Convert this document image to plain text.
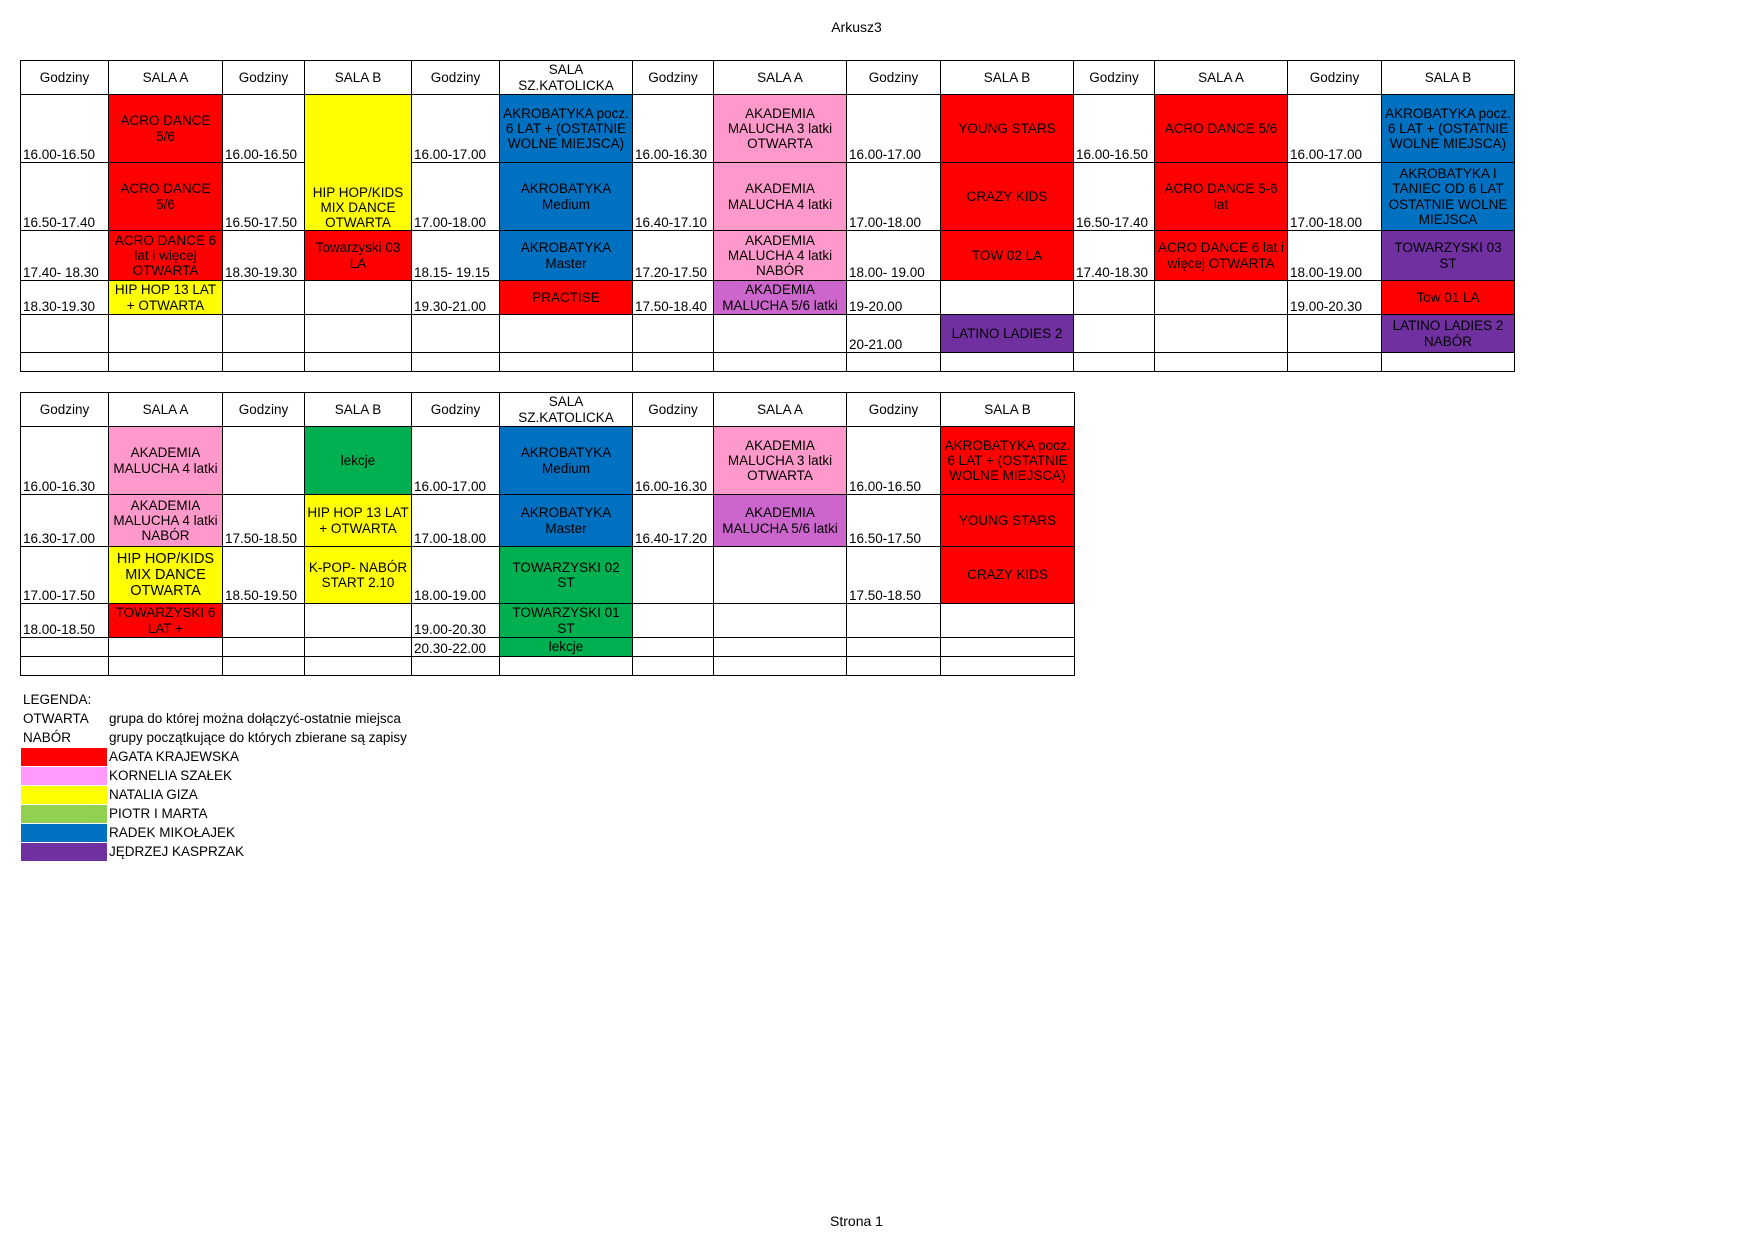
Arkusz3
Godziny	SALA A	Godziny	SALA B	Godziny	SALA SZ.KATOLICKA	Godziny	SALA A	Godziny	SALA B	Godziny	SALA A	Godziny	SALA B
16.00-16.50	ACRO DANCE 5/6	16.00-16.50	HIP HOP/KIDS MIX DANCE OTWARTA	16.00-17.00	AKROBATYKA pocz. 6 LAT + (OSTATNIE WOLNE MIEJSCA)	16.00-16.30	AKADEMIA MALUCHA 3 latki OTWARTA	16.00-17.00	YOUNG STARS	16.00-16.50	ACRO DANCE 5/6	16.00-17.00	AKROBATYKA pocz. 6 LAT + (OSTATNIE WOLNE MIEJSCA)
16.50-17.40	ACRO DANCE 5/6	16.50-17.50		17.00-18.00	AKROBATYKA Medium	16.40-17.10	AKADEMIA MALUCHA 4 latki	17.00-18.00	CRAZY KIDS	16.50-17.40	ACRO DANCE 5-6 lat	17.00-18.00	AKROBATYKA I TANIEC OD 6 LAT OSTATNIE WOLNE MIEJSCA
17.40- 18.30	ACRO DANCE 6 lat i więcej OTWARTA	18.30-19.30	Towarzyski 03 LA	18.15- 19.15	AKROBATYKA Master	17.20-17.50	AKADEMIA MALUCHA 4 latki NABÓR	18.00- 19.00	TOW 02 LA	17.40-18.30	ACRO DANCE 6 lat i więcej OTWARTA	18.00-19.00	TOWARZYSKI 03 ST
18.30-19.30	HIP HOP 13 LAT + OTWARTA			19.30-21.00	PRACTISE	17.50-18.40	AKADEMIA MALUCHA 5/6 latki	19-20.00				19.00-20.30	Tow 01 LA
								20-21.00	LATINO LADIES 2				LATINO LADIES 2 NABÓR

Godziny	SALA A	Godziny	SALA B	Godziny	SALA SZ.KATOLICKA	Godziny	SALA A	Godziny	SALA B
16.00-16.30	AKADEMIA MALUCHA 4 latki		lekcje	16.00-17.00	AKROBATYKA Medium	16.00-16.30	AKADEMIA MALUCHA 3 latki OTWARTA	16.00-16.50	AKROBATYKA pocz. 6 LAT + (OSTATNIE WOLNE MIEJSCA)
16.30-17.00	AKADEMIA MALUCHA 4 latki NABÓR	17.50-18.50	HIP HOP 13 LAT + OTWARTA	17.00-18.00	AKROBATYKA Master	16.40-17.20	AKADEMIA MALUCHA 5/6 latki	16.50-17.50	YOUNG STARS
17.00-17.50	HIP HOP/KIDS MIX DANCE OTWARTA	18.50-19.50	K-POP- NABÓR START 2.10	18.00-19.00	TOWARZYSKI 02 ST			17.50-18.50	CRAZY KIDS
18.00-18.50	TOWARZYSKI 6 LAT +			19.00-20.30	TOWARZYSKI 01 ST				
				20.30-22.00	lekcje				

LEGENDA:
OTWARTA grupa do której można dołączyć-ostatnie miejsca
NABÓR	grupy początkujące do których zbierane są zapisy
AGATA KRAJEWSKA
KORNELIA SZAŁEK
NATALIA GIZA
PIOTR I MARTA
RADEK MIKOŁAJEK
JĘDRZEJ KASPRZAK
Strona 1
